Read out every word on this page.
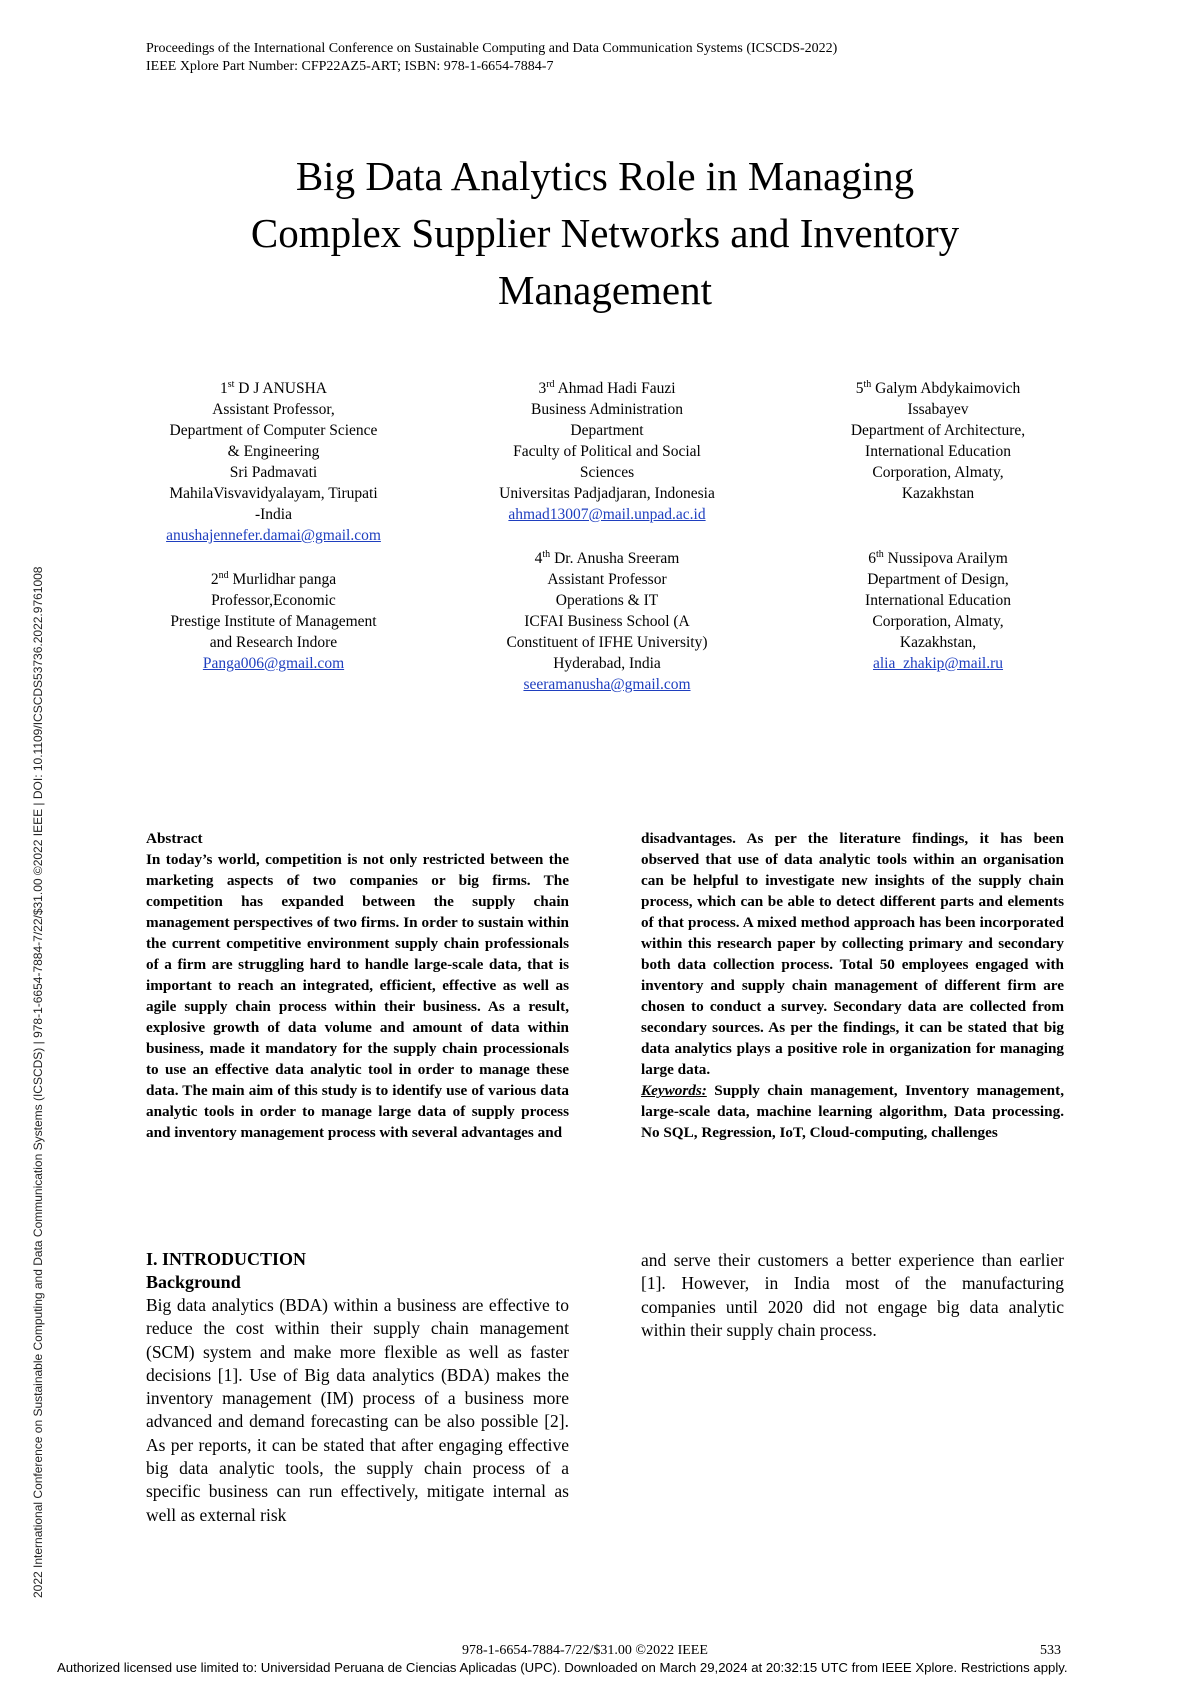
Proceedings of the International Conference on Sustainable Computing and Data Communication Systems (ICSCDS-2022)
IEEE Xplore Part Number: CFP22AZ5-ART; ISBN: 978-1-6654-7884-7
2022 International Conference on Sustainable Computing and Data Communication Systems (ICSCDS) | 978-1-6654-7884-7/22/$31.00 ©2022 IEEE | DOI: 10.1109/ICSCDS53736.2022.9761008
Big Data Analytics Role in Managing
Complex Supplier Networks and Inventory
Management
1st D J ANUSHA
Assistant Professor,
Department of Computer Science
& Engineering
Sri Padmavati
MahilaVisvavidyalayam, Tirupati
-India
anushajennefer.damai@gmail.com
2nd Murlidhar panga
Professor,Economic
Prestige Institute of Management
and Research Indore
Panga006@gmail.com
3rd Ahmad Hadi Fauzi
Business Administration
Department
Faculty of Political and Social
Sciences
Universitas Padjadjaran, Indonesia
ahmad13007@mail.unpad.ac.id
4th Dr. Anusha Sreeram
Assistant Professor
Operations & IT
ICFAI Business School (A
Constituent of IFHE University)
Hyderabad, India
seeramanusha@gmail.com
5th Galym Abdykaimovich
Issabayev
Department of Architecture,
International Education
Corporation, Almaty,
Kazakhstan
6th Nussipova Arailym
Department of Design,
International Education
Corporation, Almaty,
Kazakhstan,
alia_zhakip@mail.ru
Abstract

In today’s world, competition is not only restricted between the marketing aspects of two companies or big firms. The competition has expanded between the supply chain management perspectives of two firms. In order to sustain within the current competitive environment supply chain professionals of a firm are struggling hard to handle large-scale data, that is important to reach an integrated, efficient, effective as well as agile supply chain process within their business. As a result, explosive growth of data volume and amount of data within business, made it mandatory for the supply chain processionals to use an effective data analytic tool in order to manage these data. The main aim of this study is to identify use of various data analytic tools in order to manage large data of supply process and inventory management process with several advantages and

disadvantages. As per the literature findings, it has been observed that use of data analytic tools within an organisation can be helpful to investigate new insights of the supply chain process, which can be able to detect different parts and elements of that process. A mixed method approach has been incorporated within this research paper by collecting primary and secondary both data collection process. Total 50 employees engaged with inventory and supply chain management of different firm are chosen to conduct a survey. Secondary data are collected from secondary sources. As per the findings, it can be stated that big data analytics plays a positive role in organization for managing large data.

Keywords: Supply chain management, Inventory management, large-scale data, machine learning algorithm, Data processing. No SQL, Regression, IoT, Cloud-computing, challenges

I. INTRODUCTION
Background

Big data analytics (BDA) within a business are effective to reduce the cost within their supply chain management (SCM) system and make more flexible as well as faster decisions [1]. Use of Big data analytics (BDA) makes the inventory management (IM) process of a business more advanced and demand forecasting can be also possible [2]. As per reports, it can be stated that after engaging effective big data analytic tools, the supply chain process of a specific business can run effectively, mitigate internal as well as external risk

and serve their customers a better experience than earlier [1]. However, in India most of the manufacturing companies until 2020 did not engage big data analytic within their supply chain process.

978-1-6654-7884-7/22/$31.00 ©2022 IEEE	533
Authorized licensed use limited to: Universidad Peruana de Ciencias Aplicadas (UPC). Downloaded on March 29,2024 at 20:32:15 UTC from IEEE Xplore. Restrictions apply.
